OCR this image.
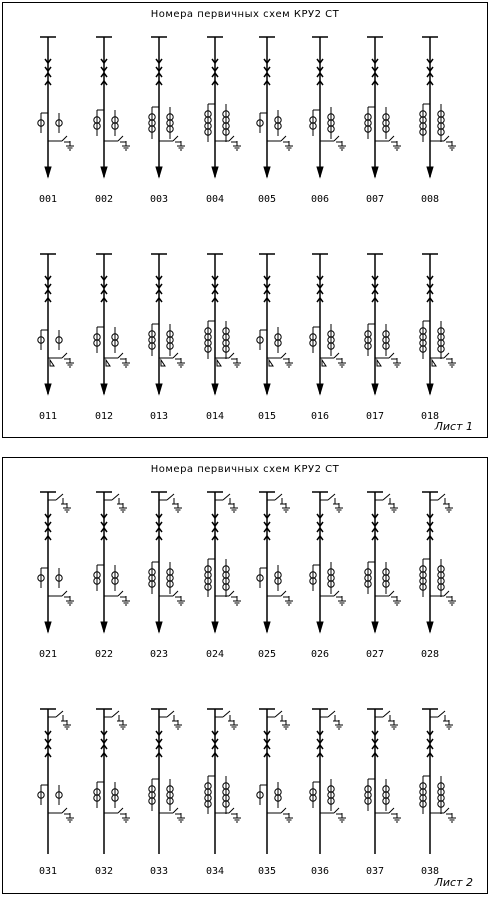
Номера первичных схем КРУ2 СТ
001	002	003	004	005	006	007	008
011	012	013	014	015	016	017	018
Лист 1
Номера первичных схем КРУ2 СТ
021	022	023	024	025	026	027	028
031	032	033	034	035	036	037	038
Лист 2
